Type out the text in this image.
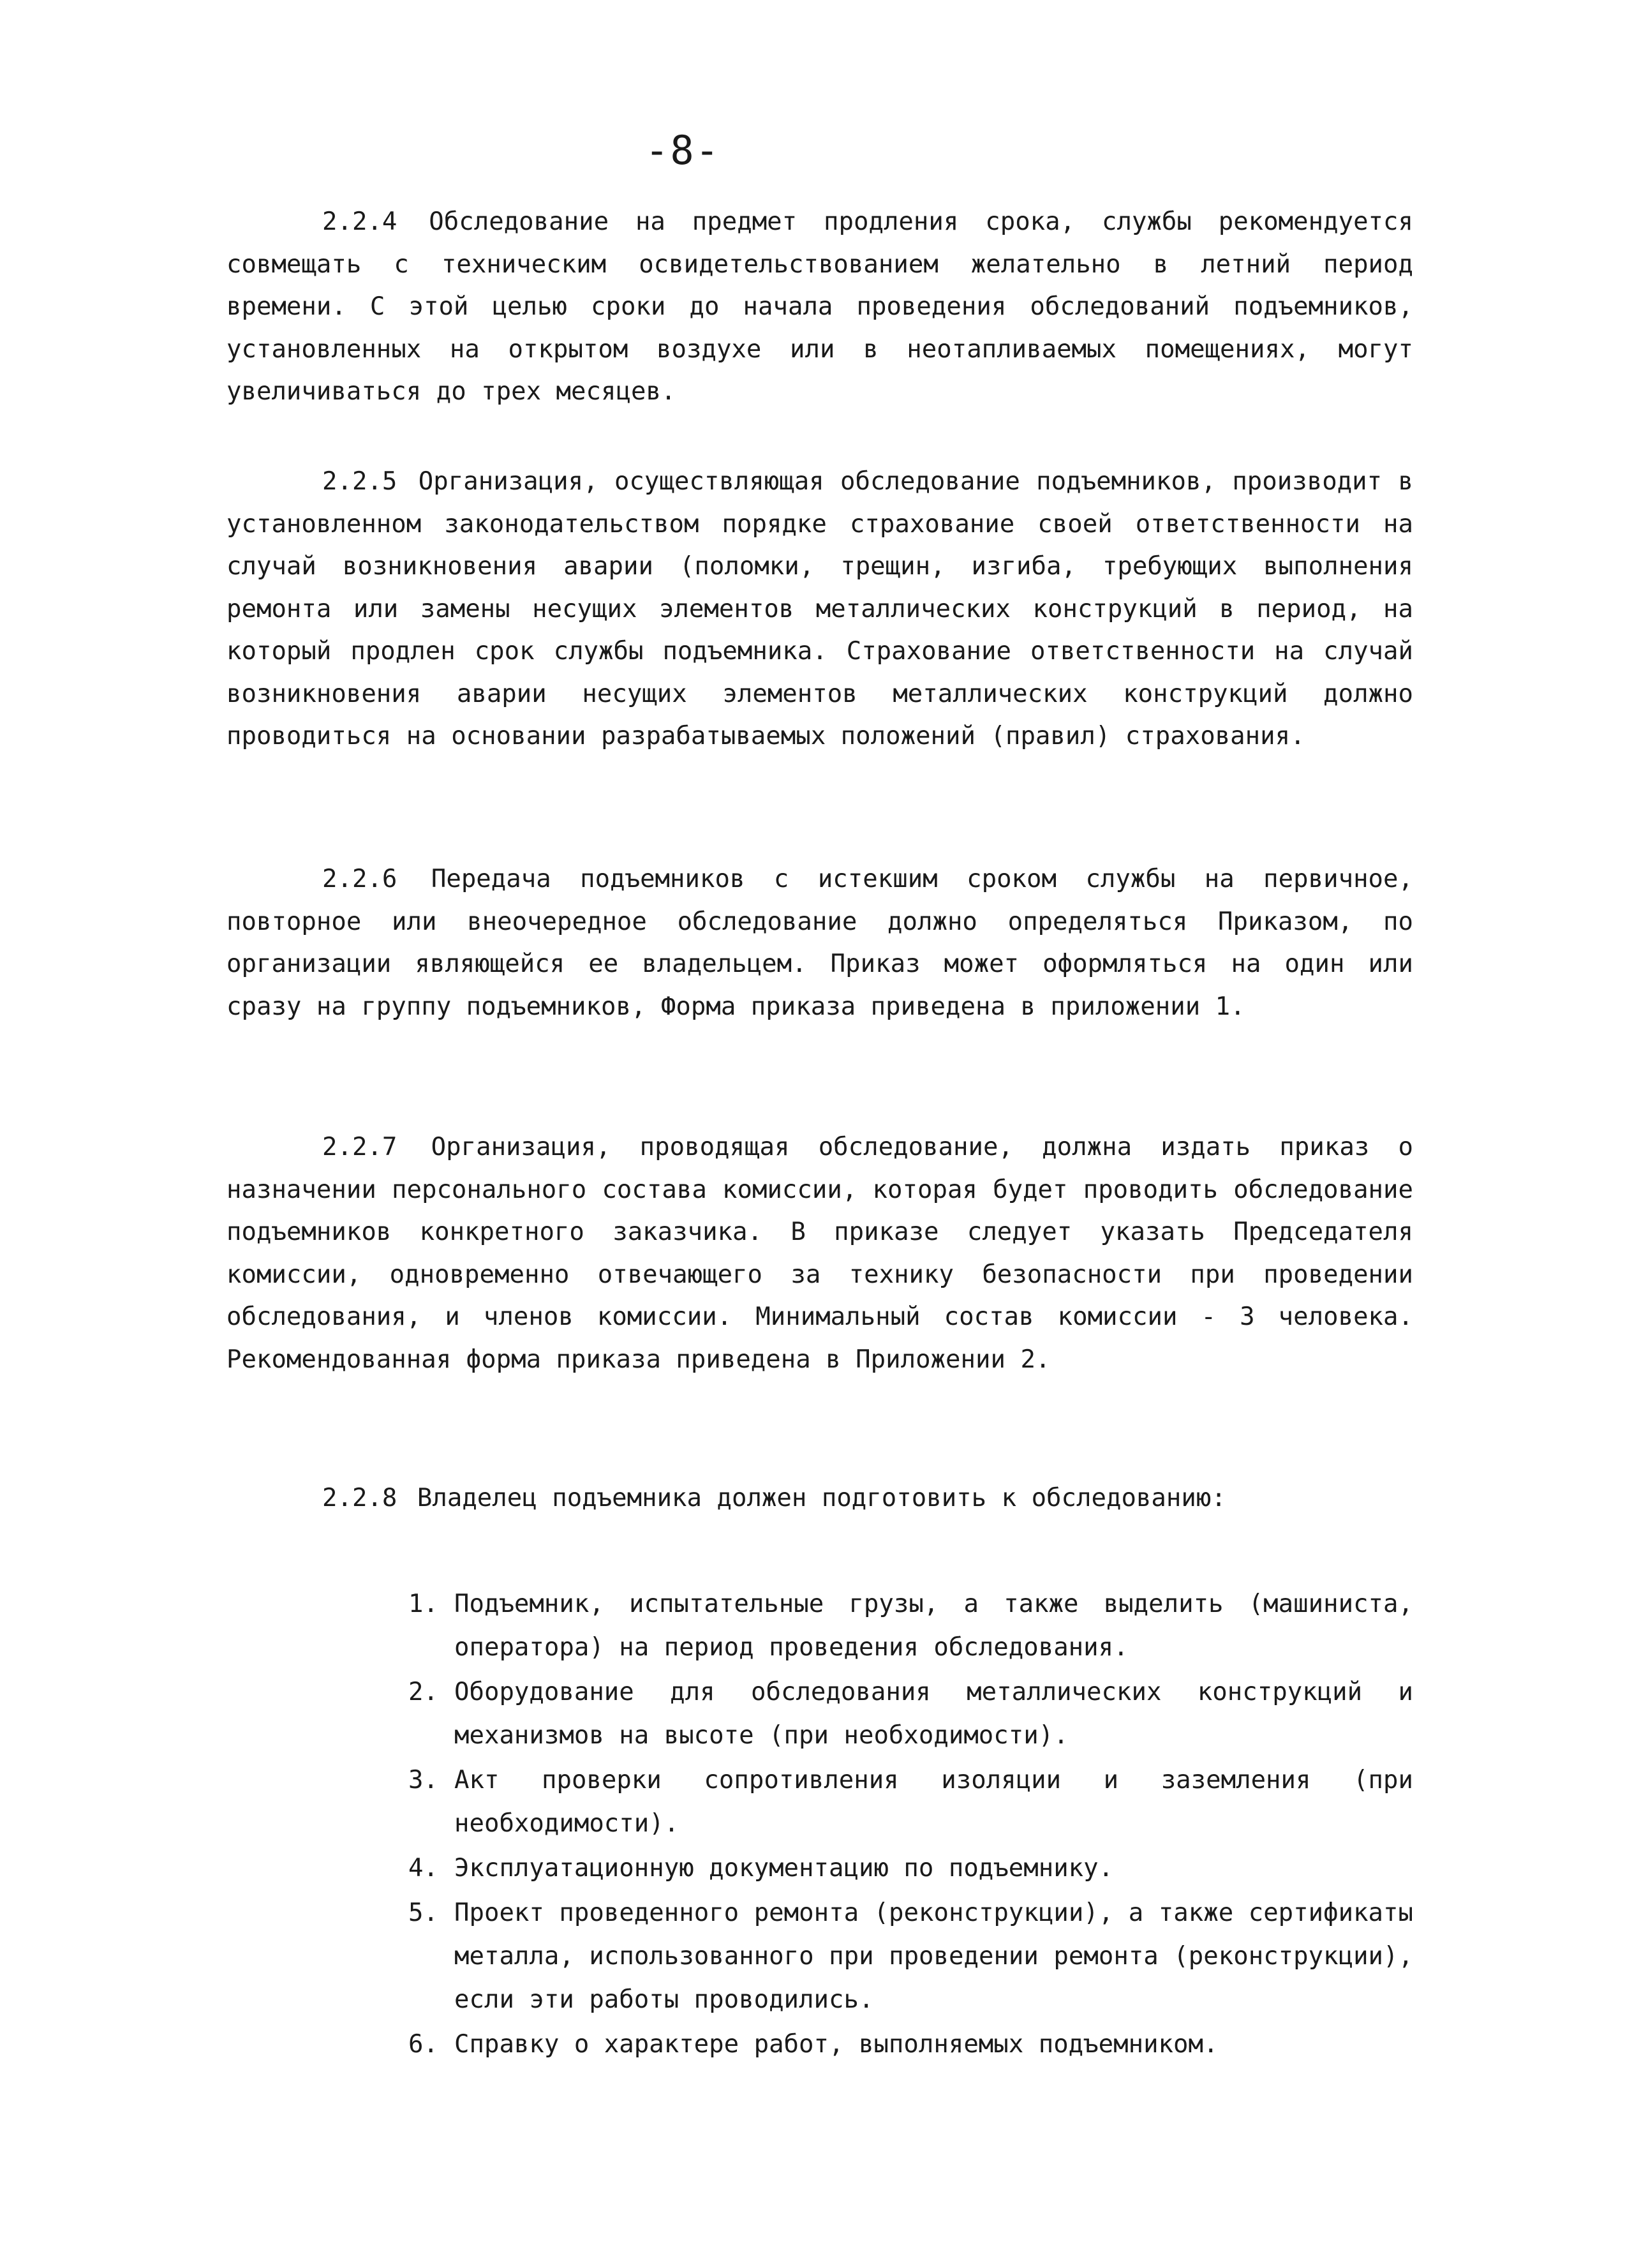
-8-

2.2.4 Обследование на предмет продления срока, службы рекомендуется совмещать с техническим освидетельствованием желательно в летний период времени. С этой целью сроки до начала проведения обследований подъемников, установленных на открытом воздухе или в неотапливаемых помещениях, могут увеличиваться до трех месяцев.

2.2.5 Организация, осуществляющая обследование подъемников, производит в установленном законодательством порядке страхование своей ответственности на случай возникновения аварии (поломки, трещин, изгиба, требующих выполнения ремонта или замены несущих элементов металлических конструкций в период, на который продлен срок службы подъемника. Страхование ответственности на случай возникновения аварии несущих элементов металлических конструкций должно проводиться на основании разрабатываемых положений (правил) страхования.

2.2.6 Передача подъемников с истекшим сроком службы на первичное, повторное или внеочередное обследование должно определяться Приказом, по организации являющейся ее владельцем. Приказ может оформляться на один или сразу на группу подъемников, Форма приказа приведена в приложении 1.

2.2.7 Организация, проводящая обследование, должна издать приказ о назначении персонального состава комиссии, которая будет проводить обследование подъемников конкретного заказчика. В приказе следует указать Председателя комиссии, одновременно отвечающего за технику безопасности при проведении обследования, и членов комиссии. Минимальный состав комиссии - 3 человека. Рекомендованная форма приказа приведена в Приложении 2.

2.2.8 Владелец подъемника должен подготовить к обследованию:

1. Подъемник, испытательные грузы, а также выделить (машиниста, оператора) на период проведения обследования.
2. Оборудование для обследования металлических конструкций и механизмов на высоте (при необходимости).
3. Акт проверки сопротивления изоляции и заземления (при необходимости).
4. Эксплуатационную документацию по подъемнику.
5. Проект проведенного ремонта (реконструкции), а также сертификаты металла, использованного при проведении ремонта (реконструкции), если эти работы проводились.
6. Справку о характере работ, выполняемых подъемником.
